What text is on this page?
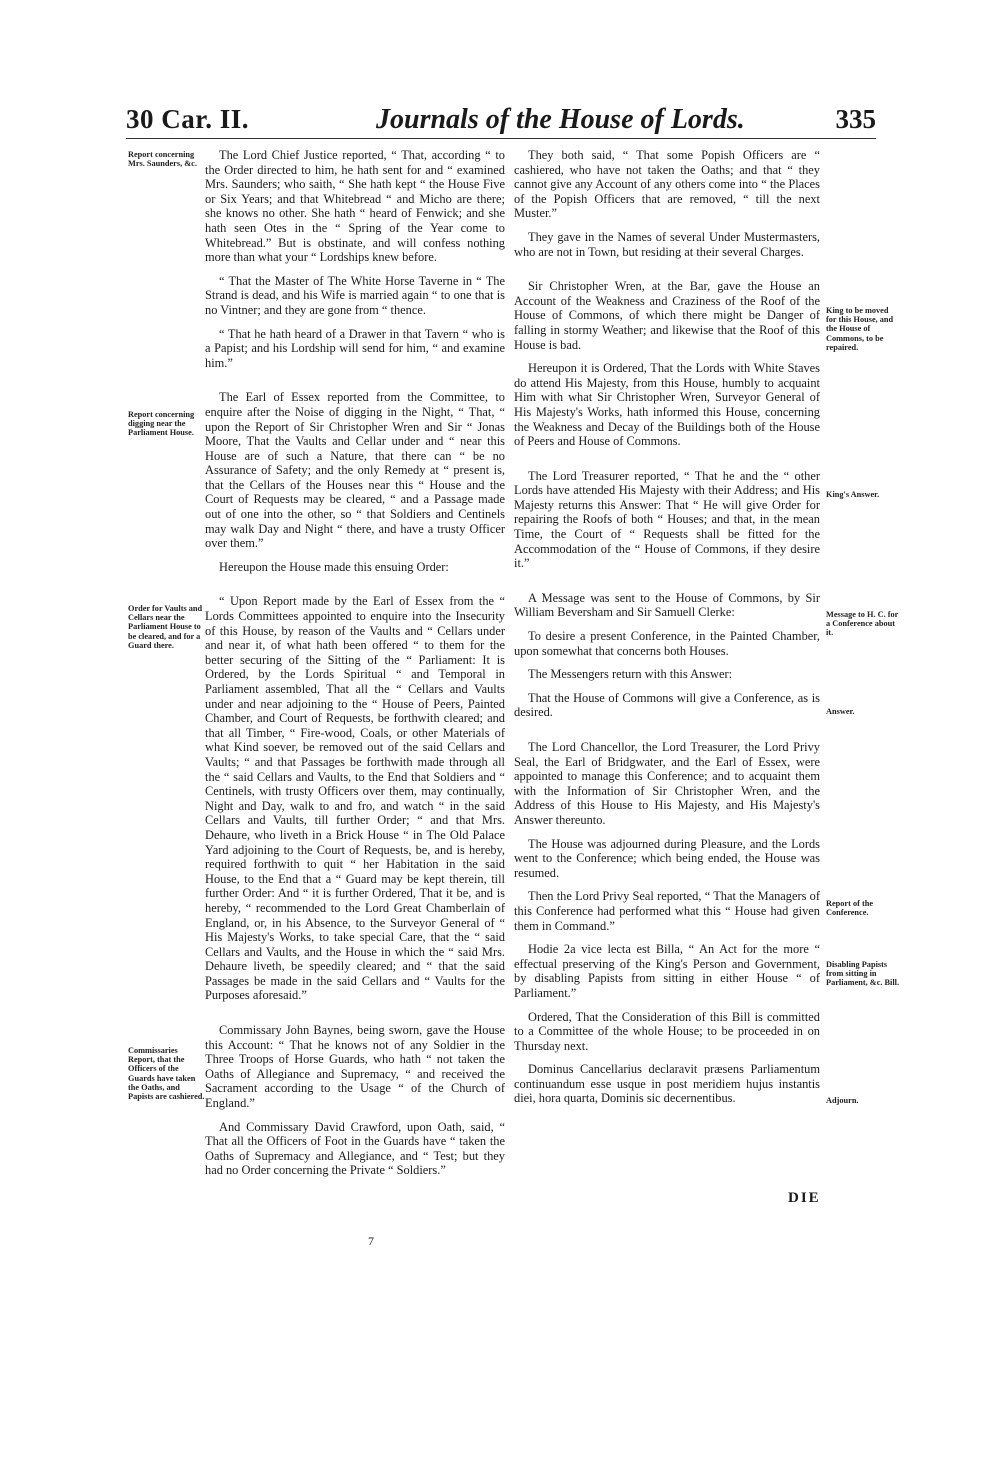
30 Car. II.	Journals of the House of Lords.	335
Report concerning Mrs. Saunders, &c.
Report concerning digging near the Parliament House.
Order for Vaults and Cellars near the Parliament House to be cleared, and for a Guard there.
Commissaries Report, that the Officers of the Guards have taken the Oaths, and Papists are cashiered.
King to be moved for this House, and the House of Commons, to be repaired.
King's Answer.
Message to H. C. for a Conference about it.
Answer.
Report of the Conference.
Disabling Papists from sitting in Parliament, &c. Bill.
Adjourn.

The Lord Chief Justice reported, “ That, according “ to the Order directed to him, he hath sent for and “ examined Mrs. Saunders; who saith, “ She hath kept “ the House Five or Six Years; and that Whitebread “ and Micho are there; she knows no other. She hath “ heard of Fenwick; and she hath seen Otes in the “ Spring of the Year come to Whitebread.” But is obstinate, and will confess nothing more than what your “ Lordships knew before.

“ That the Master of The White Horse Taverne in “ The Strand is dead, and his Wife is married again “ to one that is no Vintner; and they are gone from “ thence.

“ That he hath heard of a Drawer in that Tavern “ who is a Papist; and his Lordship will send for him, “ and examine him.”

The Earl of Essex reported from the Committee, to enquire after the Noise of digging in the Night, “ That, “ upon the Report of Sir Christopher Wren and Sir “ Jonas Moore, That the Vaults and Cellar under and “ near this House are of such a Nature, that there can “ be no Assurance of Safety; and the only Remedy at “ present is, that the Cellars of the Houses near this “ House and the Court of Requests may be cleared, “ and a Passage made out of one into the other, so “ that Soldiers and Centinels may walk Day and Night “ there, and have a trusty Officer over them.”

Hereupon the House made this ensuing Order:

“ Upon Report made by the Earl of Essex from the “ Lords Committees appointed to enquire into the Insecurity of this House, by reason of the Vaults and “ Cellars under and near it, of what hath been offered “ to them for the better securing of the Sitting of the “ Parliament: It is Ordered, by the Lords Spiritual “ and Temporal in Parliament assembled, That all the “ Cellars and Vaults under and near adjoining to the “ House of Peers, Painted Chamber, and Court of Requests, be forthwith cleared; and that all Timber, “ Fire-wood, Coals, or other Materials of what Kind soever, be removed out of the said Cellars and Vaults; “ and that Passages be forthwith made through all the “ said Cellars and Vaults, to the End that Soldiers and “ Centinels, with trusty Officers over them, may continually, Night and Day, walk to and fro, and watch “ in the said Cellars and Vaults, till further Order; “ and that Mrs. Dehaure, who liveth in a Brick House “ in The Old Palace Yard adjoining to the Court of Requests, be, and is hereby, required forthwith to quit “ her Habitation in the said House, to the End that a “ Guard may be kept therein, till further Order: And “ it is further Ordered, That it be, and is hereby, “ recommended to the Lord Great Chamberlain of England, or, in his Absence, to the Surveyor General of “ His Majesty's Works, to take special Care, that the “ said Cellars and Vaults, and the House in which the “ said Mrs. Dehaure liveth, be speedily cleared; and “ that the said Passages be made in the said Cellars and “ Vaults for the Purposes aforesaid.”

Commissary John Baynes, being sworn, gave the House this Account: “ That he knows not of any Soldier in the Three Troops of Horse Guards, who hath “ not taken the Oaths of Allegiance and Supremacy, “ and received the Sacrament according to the Usage “ of the Church of England.”

And Commissary David Crawford, upon Oath, said, “ That all the Officers of Foot in the Guards have “ taken the Oaths of Supremacy and Allegiance, and “ Test; but they had no Order concerning the Private “ Soldiers.”

They both said, “ That some Popish Officers are “ cashiered, who have not taken the Oaths; and that “ they cannot give any Account of any others come into “ the Places of the Popish Officers that are removed, “ till the next Muster.”

They gave in the Names of several Under Mustermasters, who are not in Town, but residing at their several Charges.

Sir Christopher Wren, at the Bar, gave the House an Account of the Weakness and Craziness of the Roof of the House of Commons, of which there might be Danger of falling in stormy Weather; and likewise that the Roof of this House is bad.

Hereupon it is Ordered, That the Lords with White Staves do attend His Majesty, from this House, humbly to acquaint Him with what Sir Christopher Wren, Surveyor General of His Majesty's Works, hath informed this House, concerning the Weakness and Decay of the Buildings both of the House of Peers and House of Commons.

The Lord Treasurer reported, “ That he and the “ other Lords have attended His Majesty with their Address; and His Majesty returns this Answer: That “ He will give Order for repairing the Roofs of both “ Houses; and that, in the mean Time, the Court of “ Requests shall be fitted for the Accommodation of the “ House of Commons, if they desire it.”

A Message was sent to the House of Commons, by Sir William Beversham and Sir Samuell Clerke:

To desire a present Conference, in the Painted Chamber, upon somewhat that concerns both Houses.

The Messengers return with this Answer:

That the House of Commons will give a Conference, as is desired.

The Lord Chancellor, the Lord Treasurer, the Lord Privy Seal, the Earl of Bridgwater, and the Earl of Essex, were appointed to manage this Conference; and to acquaint them with the Information of Sir Christopher Wren, and the Address of this House to His Majesty, and His Majesty's Answer thereunto.

The House was adjourned during Pleasure, and the Lords went to the Conference; which being ended, the House was resumed.

Then the Lord Privy Seal reported, “ That the Managers of this Conference had performed what this “ House had given them in Command.”

Hodie 2a vice lecta est Billa, “ An Act for the more “ effectual preserving of the King's Person and Government, by disabling Papists from sitting in either House “ of Parliament.”

Ordered, That the Consideration of this Bill is committed to a Committee of the whole House; to be proceeded in on Thursday next.

Dominus Cancellarius declaravit præsens Parliamentum continuandum esse usque in post meridiem hujus instantis diei, hora quarta, Dominis sic decernentibus.

7
DIE
